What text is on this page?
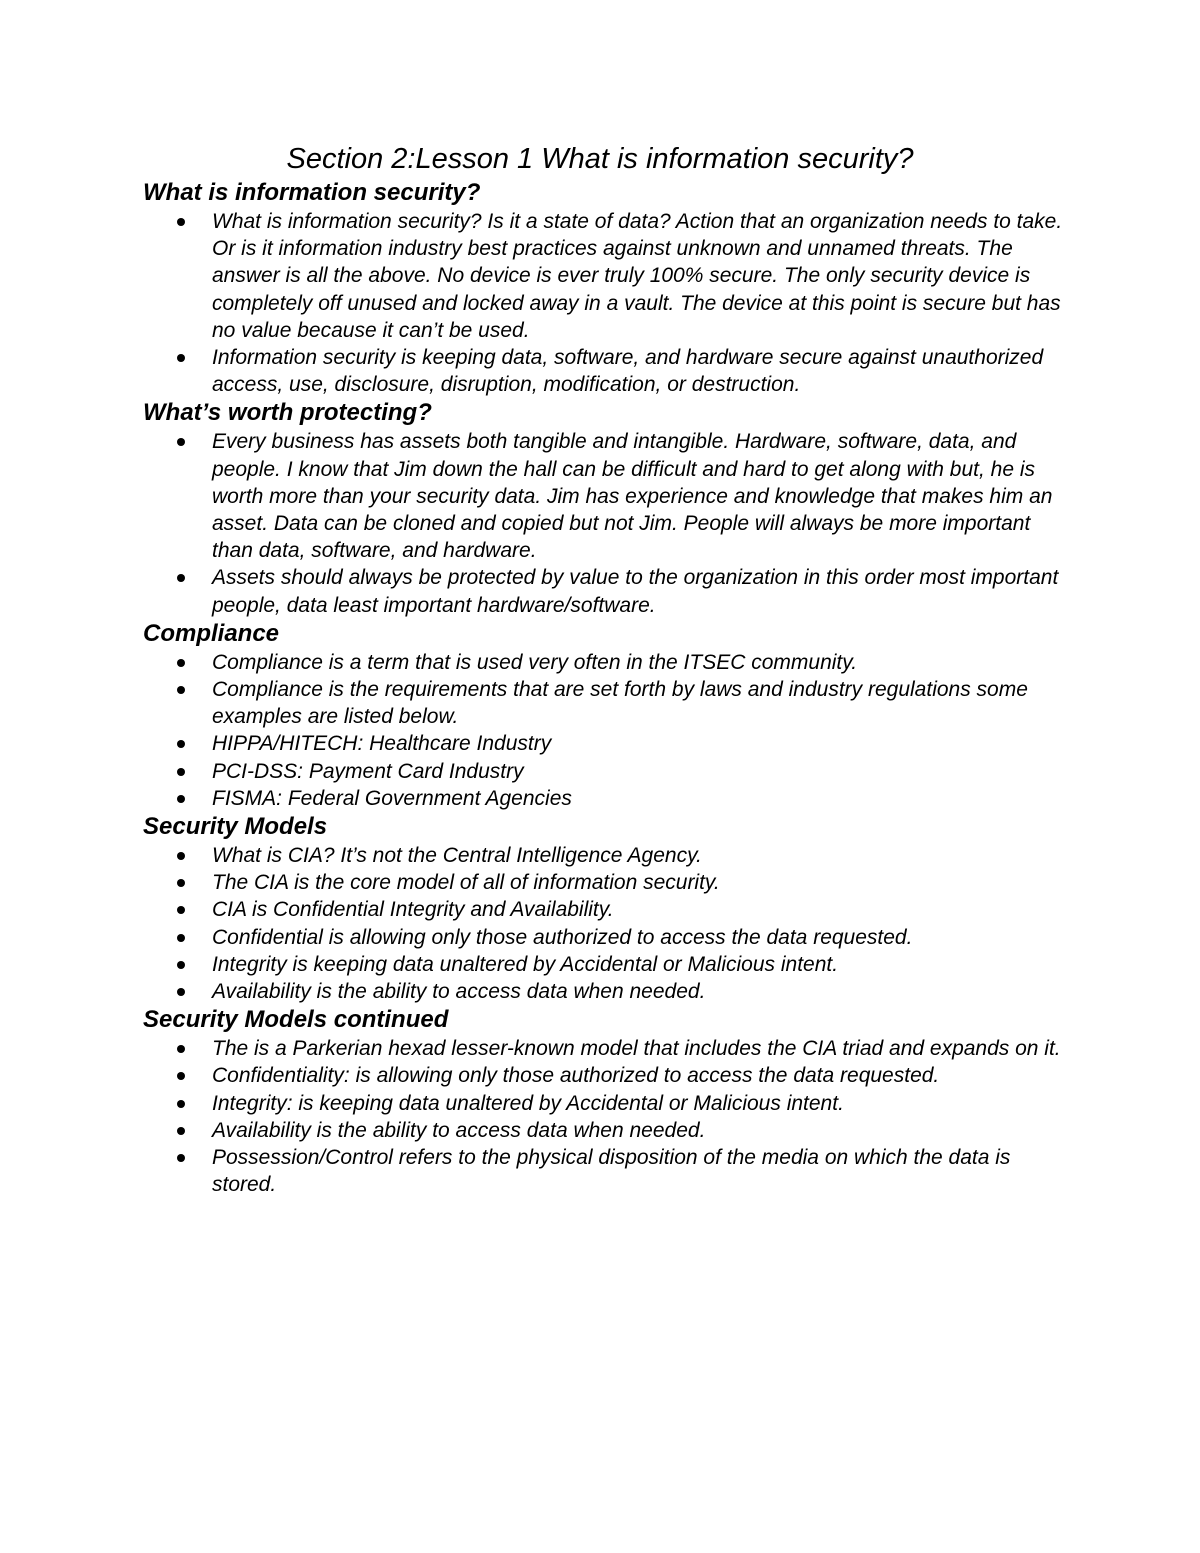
Section 2:Lesson 1 What is information security?
What is information security?
What is information security? Is it a state of data? Action that an organization needs to take. Or is it information industry best practices against unknown and unnamed threats. The answer is all the above. No device is ever truly 100% secure. The only security device is completely off unused and locked away in a vault. The device at this point is secure but has no value because it can’t be used.
Information security is keeping data, software, and hardware secure against unauthorized access, use, disclosure, disruption, modification, or destruction.
What’s worth protecting?
Every business has assets both tangible and intangible. Hardware, software, data, and people. I know that Jim down the hall can be difficult and hard to get along with but, he is worth more than your security data. Jim has experience and knowledge that makes him an asset. Data can be cloned and copied but not Jim. People will always be more important than data, software, and hardware.
Assets should always be protected by value to the organization in this order most important people, data least important hardware/software.
Compliance
Compliance is a term that is used very often in the ITSEC community.
Compliance is the requirements that are set forth by laws and industry regulations some examples are listed below.
HIPPA/HITECH: Healthcare Industry
PCI-DSS: Payment Card Industry
FISMA: Federal Government Agencies
Security Models
What is CIA? It’s not the Central Intelligence Agency.
The CIA is the core model of all of information security.
CIA is Confidential Integrity and Availability.
Confidential is allowing only those authorized to access the data requested.
Integrity is keeping data unaltered by Accidental or Malicious intent.
Availability is the ability to access data when needed.
Security Models continued
The is a Parkerian hexad lesser-known model that includes the CIA triad and expands on it.
Confidentiality: is allowing only those authorized to access the data requested.
Integrity: is keeping data unaltered by Accidental or Malicious intent.
Availability is the ability to access data when needed.
Possession/Control refers to the physical disposition of the media on which the data is stored.
